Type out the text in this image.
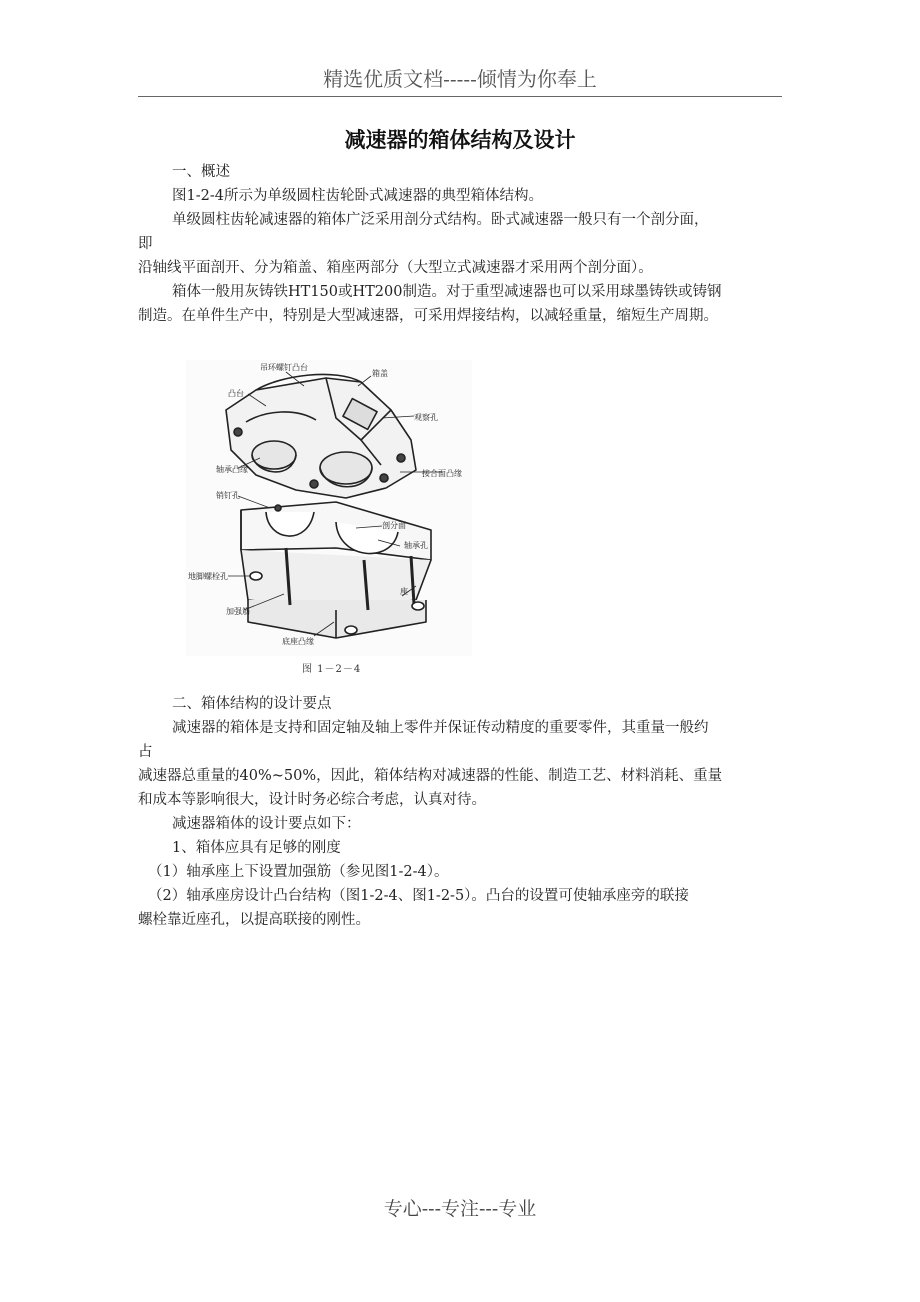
精选优质文档-----倾情为你奉上
减速器的箱体结构及设计
一、概述
图1-2-4所示为单级圆柱齿轮卧式减速器的典型箱体结构。
单级圆柱齿轮减速器的箱体广泛采用剖分式结构。卧式减速器一般只有一个剖分面，
即
沿轴线平面剖开、分为箱盖、箱座两部分（大型立式减速器才采用两个剖分面）。
箱体一般用灰铸铁HT150或HT200制造。对于重型减速器也可以采用球墨铸铁或铸钢
制造。在单件生产中，特别是大型减速器，可采用焊接结构，以减轻重量，缩短生产周期。
吊环螺钉凸台
箱盖
凸台
观察孔
轴承凸缘	接合面凸缘
销钉孔
剖分面
轴承孔
地脚螺栓孔
加强筋
座
底座凸缘
图 1－2－4
二、箱体结构的设计要点
减速器的箱体是支持和固定轴及轴上零件并保证传动精度的重要零件，其重量一般约
占
减速器总重量的40%~50%，因此，箱体结构对减速器的性能、制造工艺、材料消耗、重量
和成本等影响很大，设计时务必综合考虑，认真对待。
减速器箱体的设计要点如下：
1、箱体应具有足够的刚度
（1）轴承座上下设置加强筋（参见图1-2-4）。
（2）轴承座房设计凸台结构（图1-2-4、图1-2-5）。凸台的设置可使轴承座旁的联接
螺栓靠近座孔，以提高联接的刚性。
专心---专注---专业
